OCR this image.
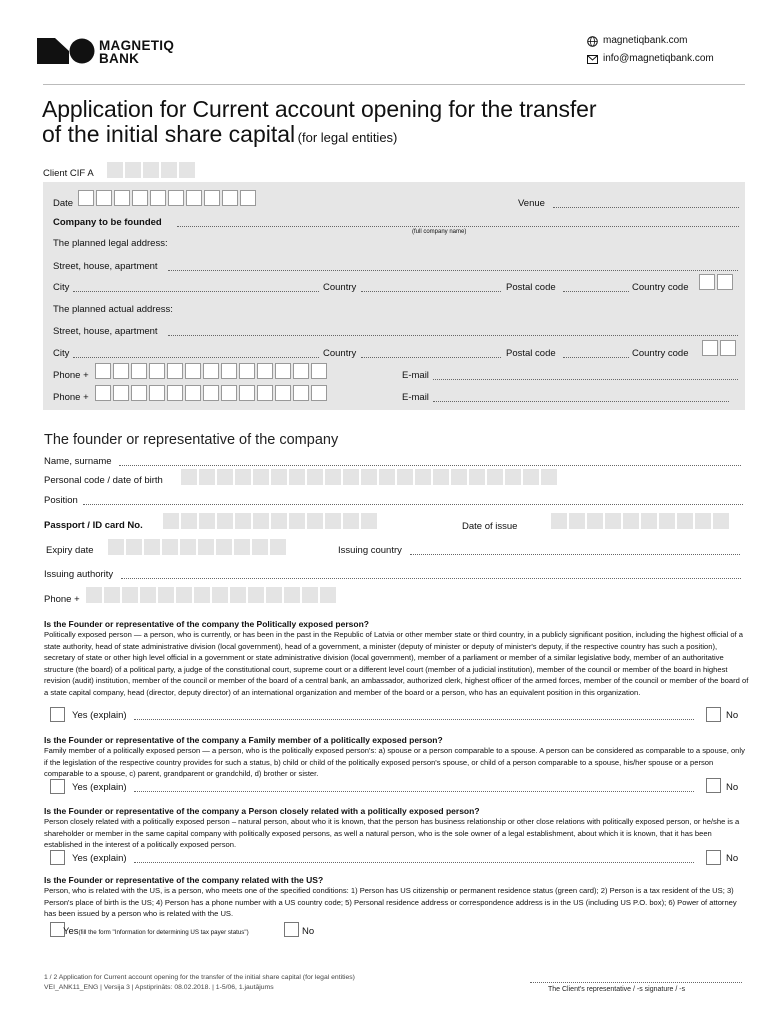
MAGNETIQ
BANK
magnetiqbank.com
info@magnetiqbank.com
Application for Current account opening for the transfer
of the initial share capital (for legal entities)
Client CIF A
Date	Venue
Company to be founded
(full company name)
The planned legal address:
Street, house, apartment
City	Country	Postal code	Country code
The planned actual address:
Street, house, apartment
City	Country	Postal code	Country code
Phone +	E-mail
Phone +	E-mail
The founder or representative of the company
Name, surname
Personal code / date of birth
Position
Passport / ID card No.	Date of issue
Expiry date	Issuing country
Issuing authority
Phone +
Is the Founder or representative of the company the Politically exposed person?
Politically exposed person — a person, who is currently, or has been in the past in the Republic of Latvia or other member state or third country, in a publicly significant position, including the highest official of a state authority, head of state administrative division (local government), head of a government, a minister (deputy of minister or deputy of minister's deputy, if the respective country has such a position), secretary of state or other high level official in a government or state administrative division (local government), member of a parliament or member of a similar legislative body, member of an authoritative structure (the board) of a political party, a judge of the constitutional court, supreme court or a different level court (member of a judicial institution), member of the council or member of the board in highest revision (audit) institution, member of the council or member of the board of a central bank, an ambassador, authorized clerk, highest officer of the armed forces, member of the council or member of the board of a state capital company, head (director, deputy director) of an international organization and member of the board or a person, who has an equivalent position in this organization.
Yes (explain)	No
Is the Founder or representative of the company a Family member of a politically exposed person?
Family member of a politically exposed person — a person, who is the politically exposed person's: a) spouse or a person comparable to a spouse. A person can be considered as comparable to a spouse, only if the legislation of the respective country provides for such a status, b) child or child of the politically exposed person's spouse, or child of a person comparable to a spouse, his/her spouse or a person comparable to a spouse, c) parent, grandparent or grandchild, d) brother or sister.
Yes (explain)	No
Is the Founder or representative of the company a Person closely related with a politically exposed person?
Person closely related with a politically exposed person – natural person, about who it is known, that the person has business relationship or other close relations with politically exposed person, or he/she is a shareholder or member in the same capital company with politically exposed persons, as well a natural person, who is the sole owner of a legal establishment, about which it is known, that it has been established in the interest of a politically exposed person.
Yes (explain)	No
Is the Founder or representative of the company related with the US?
Person, who is related with the US, is a person, who meets one of the specified conditions: 1) Person has US citizenship or permanent residence status (green card); 2) Person is a tax resident of the US; 3) Person's place of birth is the US; 4) Person has a phone number with a US country code; 5) Personal residence address or correspondence address is in the US (including US P.O. box); 6) Power of attorney has been issued by a person who is related with the US.
Yes(fill the form "Information for determining US tax payer status")	No
1 / 2 Application for Current account opening for the transfer of the initial share capital (for legal entities)
VEI_ANK11_ENG | Versija 3 | Apstiprināts: 08.02.2018. | 1-5/06, 1.jautājums	The Client's representative / -s signature / -s
